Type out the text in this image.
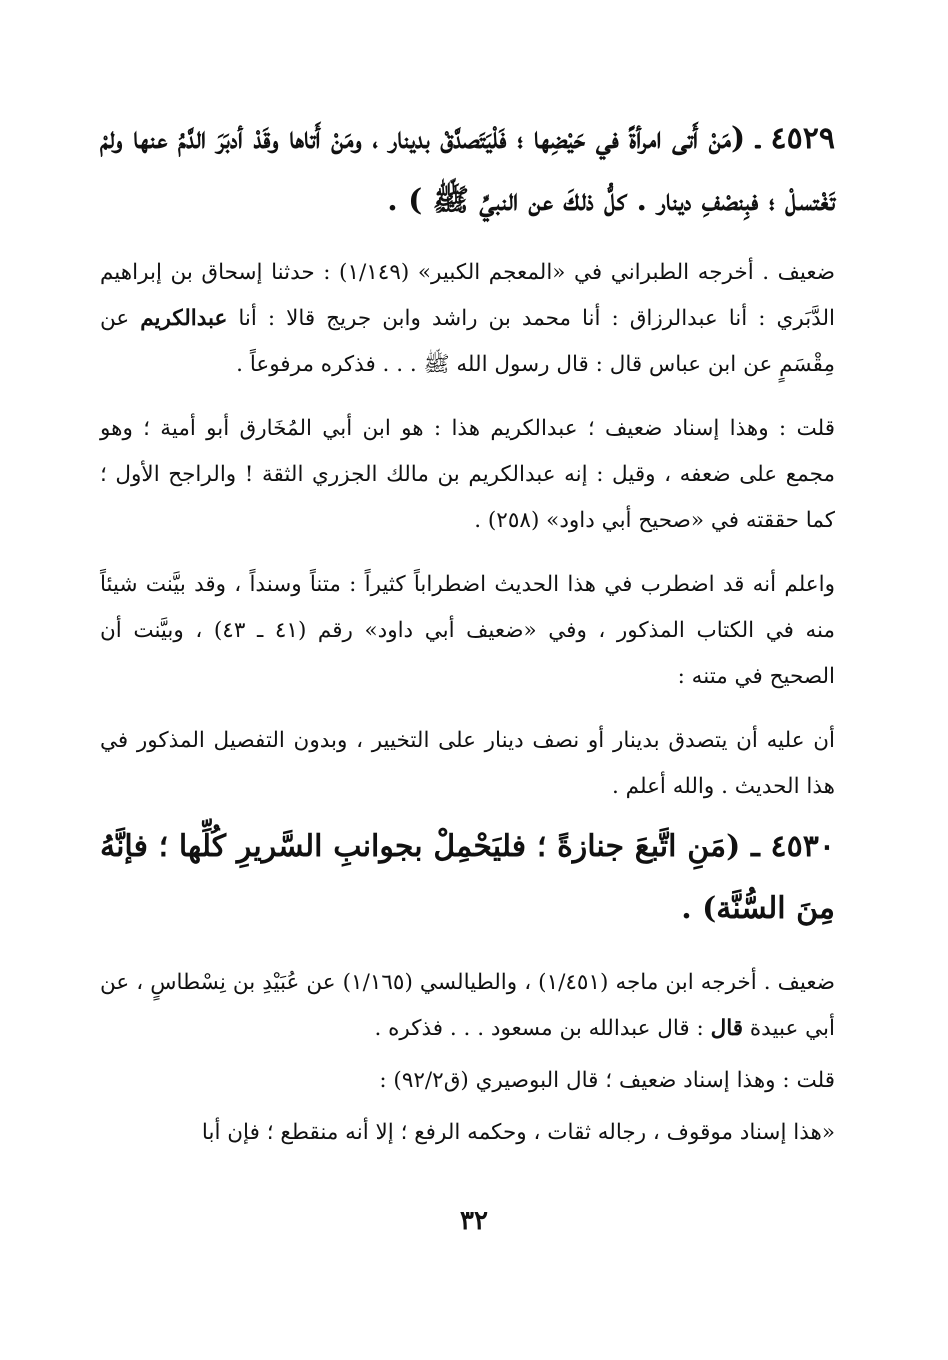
٤٥٢٩ ـ (مَنْ أَتى امرأةً في حَيْضِها ؛ فَلْيَتَصدَّقْ بدينار ، ومَنْ أَتاها وقَدْ أدبَرَ الدَّمُ عنها ولمْ تَغْتسلْ ؛ فبِنصْفِ دينار . كلُّ ذلكَ عن النبيِّ ﷺ ) .

ضعيف . أخرجه الطبراني في «المعجم الكبير» (١/١٤٩) : حدثنا إسحاق بن إبراهيم الدَّبَري : أنا عبدالرزاق : أنا محمد بن راشد وابن جريج قالا : أنا عبدالكريم عن مِقْسَمٍ عن ابن عباس قال : قال رسول الله ﷺ . . . فذكره مرفوعاً .

قلت : وهذا إسناد ضعيف ؛ عبدالكريم هذا : هو ابن أبي المُخَارق أبو أمية ؛ وهو مجمع على ضعفه ، وقيل : إنه عبدالكريم بن مالك الجزري الثقة ! والراجح الأول ؛ كما حققته في «صحيح أبي داود» (٢٥٨) .

واعلم أنه قد اضطرب في هذا الحديث اضطراباً كثيراً : متناً وسنداً ، وقد بيَّنت شيئاً منه في الكتاب المذكور ، وفي «ضعيف أبي داود» رقم (٤١ ـ ٤٣) ، وبيَّنت أن الصحيح في متنه :

أن عليه أن يتصدق بدينار أو نصف دينار على التخيير ، وبدون التفصيل المذكور في هذا الحديث . والله أعلم .

٤٥٣٠ ـ (مَنِ اتَّبعَ جنازةً ؛ فليَحْمِلْ بجوانبِ السَّريرِ كُلِّها ؛ فإنَّهُ مِنَ السُّنَّة) .

ضعيف . أخرجه ابن ماجه (١/٤٥١) ، والطيالسي (١/١٦٥) عن عُبَيْدِ بن نِسْطاسٍ ، عن أبي عبيدة قال : قال عبدالله بن مسعود . . . فذكره .

قلت : وهذا إسناد ضعيف ؛ قال البوصيري (ق٩٢/٢) :

«هذا إسناد موقوف ، رجاله ثقات ، وحكمه الرفع ؛ إلا أنه منقطع ؛ فإن أبا

٣٢
